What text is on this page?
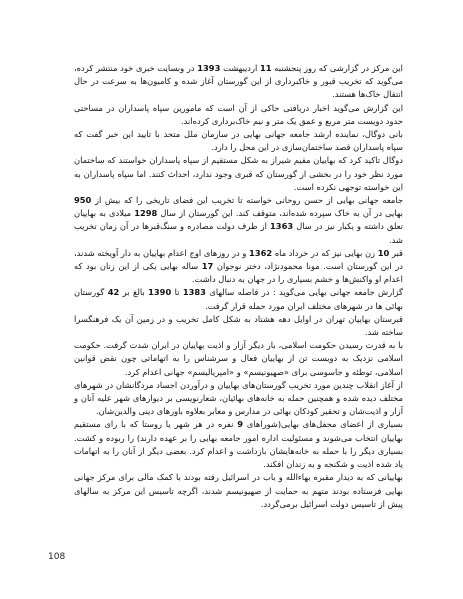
این مرکز در گزارشی که روز پنجشنبه 11 اردیبهشت 1393 در وبسایت خبری خود منتشر کرده، می‌گوید که تخریب قبور و خاکبرداری از این گورستان آغاز شده و کامیون‌ها به سرعت در حال انتقال خاک‌ها هستند.

این گزارش می‌گوید اخبار دریافتی حاکی از آن است که مامورین سپاه پاسداران در مساحتی حدود دویست متر مربع و عمق یک متر و نیم خاک‌برداری کرده‌اند.

بانی دوگال، نماینده ارشد جامعه جهانی بهایی در سازمان ملل متحد با تایید این خبر گفت که سپاه پاسداران قصد ساختمان‌سازی در این محل را دارد.

دوگال تاکید کرد که بهاییان مقیم شیراز به شکل مستقیم از سپاه پاسداران خواستند که ساختمان مورد نظر خود را در بخشی از گورستان که قبری وجود ندارد، احداث کنند. اما سپاه پاسداران به این خواسته توجهی نکرده است.

جامعه جهانی بهایی از حسن روحانی خواسته تا تخریب این فضای تاریخی را که بیش از 950 بهایی در آن به خاک سپرده شده‌اند، متوقف کند. این گورستان از سال 1298 میلادی به بهاییان تعلق داشته و یکبار نیز در سال 1363 از طرف دولت مصادره و سنگ‌قبرها در آن زمان تخریب شد.

قبر 10 زن بهایی نیز که در خرداد ماه 1362 و در روزهای اوج اعدام بهاییان به دار آویخته شدند، در این گورستان است. مونا محمودنژاد، دختر نوجوان 17 ساله بهایی یکی از این زنان بود که اعدام او واکنش‌ها و خشم بسیاری را در جهان به دنبال داشت.

گزارش جامعه جهانی بهایی می‌گوید : در فاصله سالهای 1383 تا 1390 بالغ بر 42 گورستان بهائی ها در شهرهای مختلف ایران مورد حمله قرار گرفت.

قبرستان بهاییان تهران در اوایل دهه هشتاد به شکل کامل تخریب و در زمین آن یک فرهنگسرا ساخته شد.

با به قدرت رسیدن حکومت اسلامی، بار دیگر آزار و اذیت بهاییان در ایران شدت گرفت. حکومت اسلامی نزدیک به دویست تن از بهاییان فعال و سرشناس را به اتهاماتی چون نقض قوانین اسلامی، توطئه و جاسوسی برای «صهیونیسم» و «امپریالیسم» جهانی اعدام کرد.

از آغاز انقلاب چندین مورد تخریب گورستان‌های بهاییان و درآوردن اجساد مردگانشان در شهرهای مختلف دیده شده و همچنین حمله به خانه‌های بهائیان، شعارنویسی بر دیوارهای شهر علیه آنان و آزار و اذیت‌شان و تحقیر کودکان بهائی در مدارس و معابر بعلاوه باورهای دینی والدین‌شان.

بسیاری از اعضای محفل‌های بهایی(شوراهای 9 نفره در هر شهر یا روستا که با رای مستقیم بهاییان انتخاب می‌شوند و مسئولیت اداره امور جامعه بهایی را بر عهده دارند) را ربوده و کشت. بسیاری دیگر را با حمله به خانه‌هایشان بازداشت و اعدام کرد. بعضی دیگر از آنان را به اتهامات یاد شده اذیت و شکنجه و به زندان افکند.

بهاییانی که به دیدار مقبره بهاءالله و باب در اسرائیل رفته بودند با کمک مالی برای مرکز جهانی بهایی فرستاده بودند متهم به حمایت از صهیونیسم شدند، اگرچه تاسیس این مرکز به سالهای پیش از تاسیس دولت اسرائیل برمی‌گردد.

108
